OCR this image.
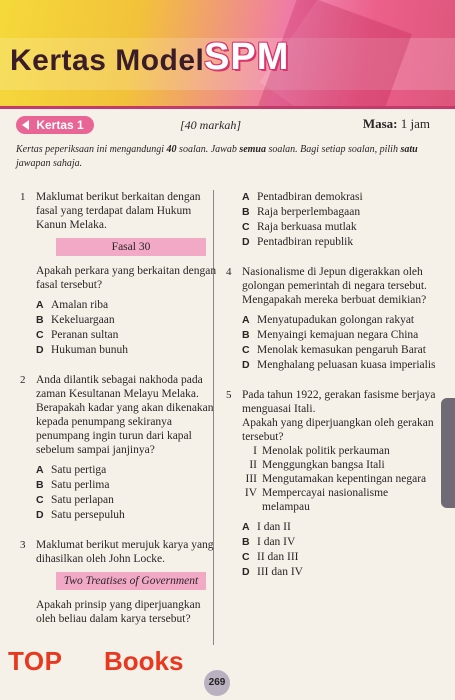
Kertas Model SPM
Kertas 1	[40 markah]	Masa: 1 jam
Kertas peperiksaan ini mengandungi 40 soalan. Jawab semua soalan. Bagi setiap soalan, pilih satu jawapan sahaja.
1 Maklumat berikut berkaitan dengan fasal yang terdapat dalam Hukum Kanun Melaka.
Fasal 30
Apakah perkara yang berkaitan dengan fasal tersebut?
A Amalan riba
B Kekeluargaan
C Peranan sultan
D Hukuman bunuh
2 Anda dilantik sebagai nakhoda pada zaman Kesultanan Melayu Melaka.
Berapakah kadar yang akan dikenakan kepada penumpang sekiranya penumpang ingin turun dari kapal sebelum sampai janjinya?
A Satu pertiga
B Satu perlima
C Satu perlapan
D Satu persepuluh
3 Maklumat berikut merujuk karya yang dihasilkan oleh John Locke.
Two Treatises of Government
Apakah prinsip yang diperjuangkan oleh beliau dalam karya tersebut?
A Pentadbiran demokrasi
B Raja berperlembagaan
C Raja berkuasa mutlak
D Pentadbiran republik
4 Nasionalisme di Jepun digerakkan oleh golongan pemerintah di negara tersebut.
Mengapakah mereka berbuat demikian?
A Menyatupadukan golongan rakyat
B Menyaingi kemajuan negara China
C Menolak kemasukan pengaruh Barat
D Menghalang peluasan kuasa imperialis
5 Pada tahun 1922, gerakan fasisme berjaya menguasai Itali.
Apakah yang diperjuangkan oleh gerakan tersebut?
I Menolak politik perkauman
II Menggungkan bangsa Itali
III Mengutamakan kepentingan negara
IV Mempercayai nasionalisme melampau
A I dan II
B I dan IV
C II dan III
D III dan IV
TOP Books
269
